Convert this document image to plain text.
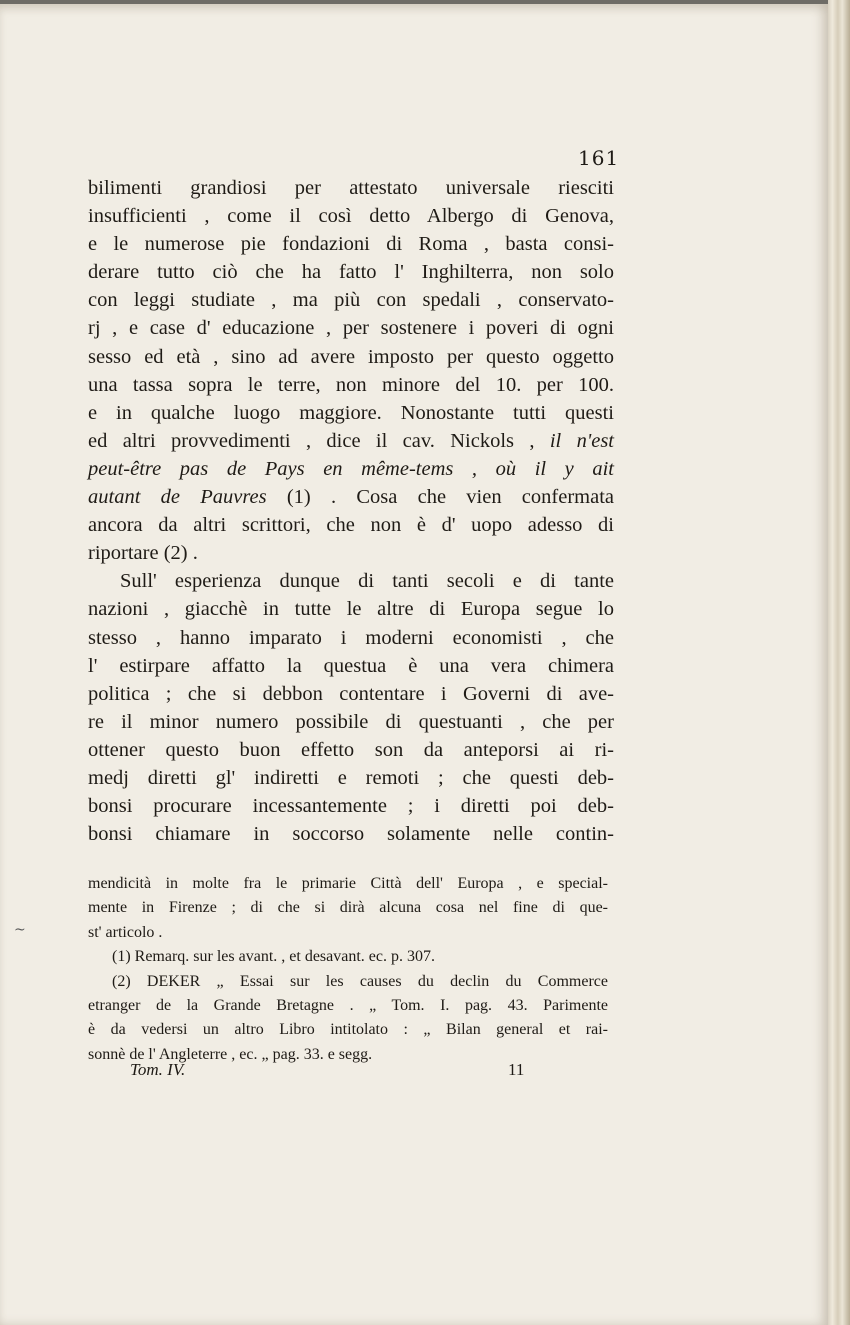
161
bilimenti grandiosi per attestato universale riesciti
insufficienti , come il così detto Albergo di Genova,
e le numerose pie fondazioni di Roma , basta consi-
derare tutto ciò che ha fatto l' Inghilterra, non solo
con leggi studiate , ma più con spedali , conservato-
rj , e case d' educazione , per sostenere i poveri di ogni
sesso ed età , sino ad avere imposto per questo oggetto
una tassa sopra le terre, non minore del 10. per 100.
e in qualche luogo maggiore. Nonostante tutti questi
ed altri provvedimenti , dice il cav. Nickols , il n'est
peut-être pas de Pays en même-tems , où il y ait
autant de Pauvres (1) . Cosa che vien confermata
ancora da altri scrittori, che non è d' uopo adesso di
riportare (2) .
Sull' esperienza dunque di tanti secoli e di tante
nazioni , giacchè in tutte le altre di Europa segue lo
stesso , hanno imparato i moderni economisti , che
l' estirpare affatto la questua è una vera chimera
politica ; che si debbon contentare i Governi di ave-
re il minor numero possibile di questuanti , che per
ottener questo buon effetto son da anteporsi ai ri-
medj diretti gl' indiretti e remoti ; che questi deb-
bonsi procurare incessantemente ; i diretti poi deb-
bonsi chiamare in soccorso solamente nelle contin-
mendicità in molte fra le primarie Città dell' Europa , e special-
mente in Firenze ; di che si dirà alcuna cosa nel fine di que-
st' articolo .
(1) Remarq. sur les avant. , et desavant. ec. p. 307.
(2) DEKER „ Essai sur les causes du declin du Commerce
etranger de la Grande Bretagne . „ Tom. I. pag. 43. Parimente
è da vedersi un altro Libro intitolato : „ Bilan general et rai-
sonnè de l' Angleterre , ec. „ pag. 33. e segg.
Tom. IV.	11
~
